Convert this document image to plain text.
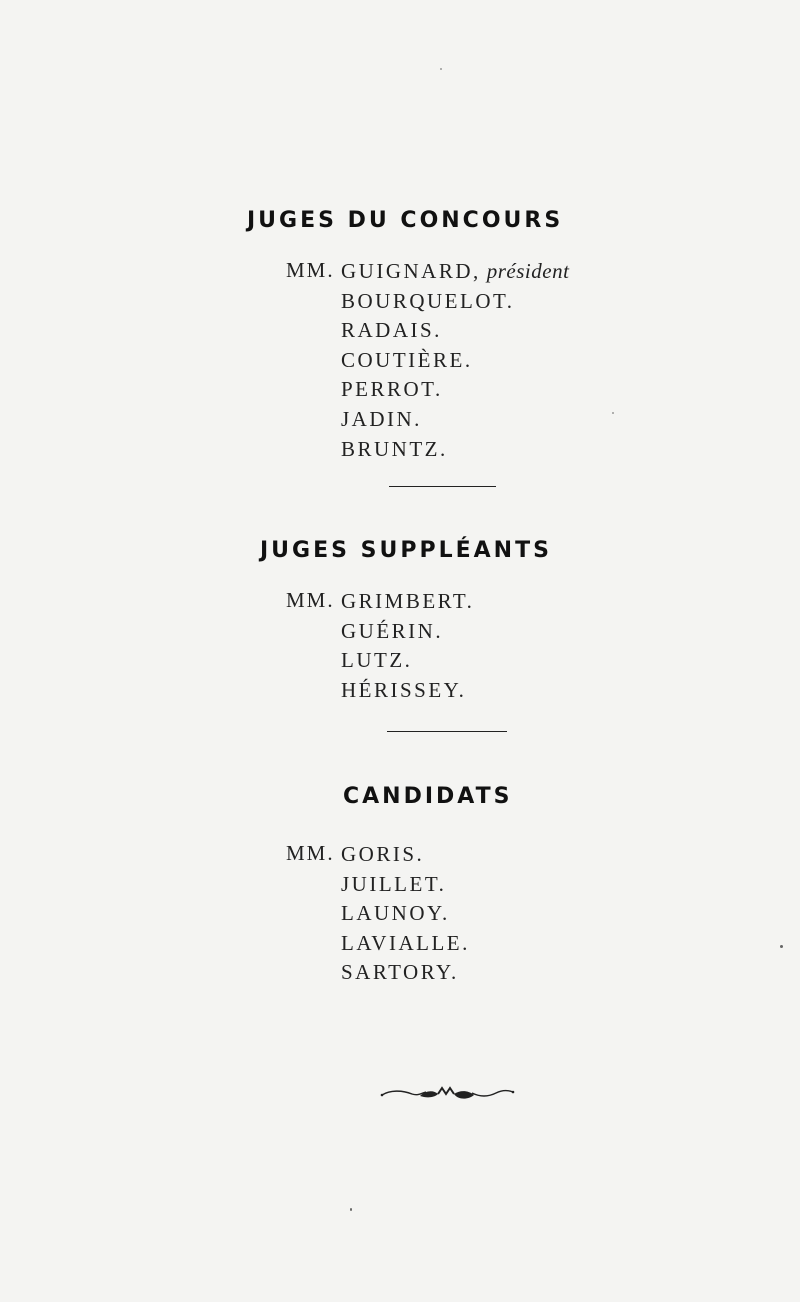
JUGES DU CONCOURS
MM. GUIGNARD, président
BOURQUELOT.
RADAIS.
COUTIÈRE.
PERROT.
JADIN.
BRUNTZ.
JUGES SUPPLÉANTS
MM. GRIMBERT.
GUÉRIN.
LUTZ.
HÉRISSEY.
CANDIDATS
MM. GORIS.
JUILLET.
LAUNOY.
LAVIALLE.
SARTORY.
